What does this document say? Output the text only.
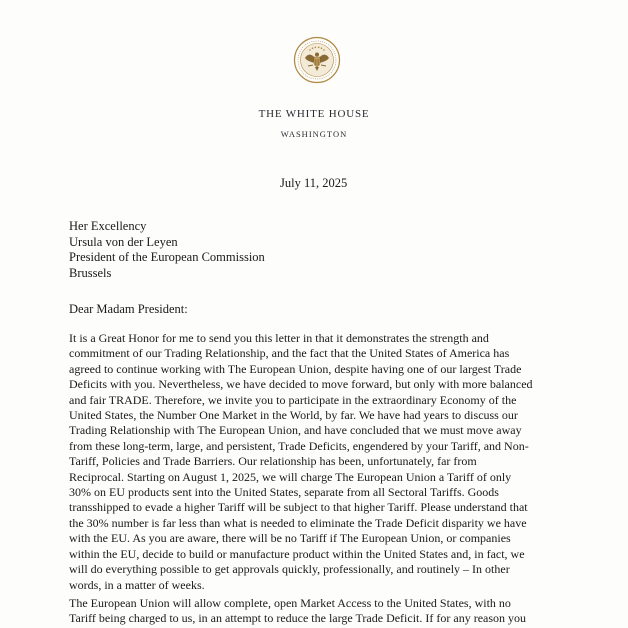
THE WHITE HOUSE
WASHINGTON
July 11, 2025
Her Excellency
Ursula von der Leyen
President of the European Commission
Brussels
Dear Madam President:
It is a Great Honor for me to send you this letter in that it demonstrates the strength and
commitment of our Trading Relationship, and the fact that the United States of America has
agreed to continue working with The European Union, despite having one of our largest Trade
Deficits with you. Nevertheless, we have decided to move forward, but only with more balanced
and fair TRADE. Therefore, we invite you to participate in the extraordinary Economy of the
United States, the Number One Market in the World, by far. We have had years to discuss our
Trading Relationship with The European Union, and have concluded that we must move away
from these long-term, large, and persistent, Trade Deficits, engendered by your Tariff, and Non-
Tariff, Policies and Trade Barriers. Our relationship has been, unfortunately, far from
Reciprocal. Starting on August 1, 2025, we will charge The European Union a Tariff of only
30% on EU products sent into the United States, separate from all Sectoral Tariffs. Goods
transshipped to evade a higher Tariff will be subject to that higher Tariff. Please understand that
the 30% number is far less than what is needed to eliminate the Trade Deficit disparity we have
with the EU. As you are aware, there will be no Tariff if The European Union, or companies
within the EU, decide to build or manufacture product within the United States and, in fact, we
will do everything possible to get approvals quickly, professionally, and routinely – In other
words, in a matter of weeks.
The European Union will allow complete, open Market Access to the United States, with no
Tariff being charged to us, in an attempt to reduce the large Trade Deficit. If for any reason you
